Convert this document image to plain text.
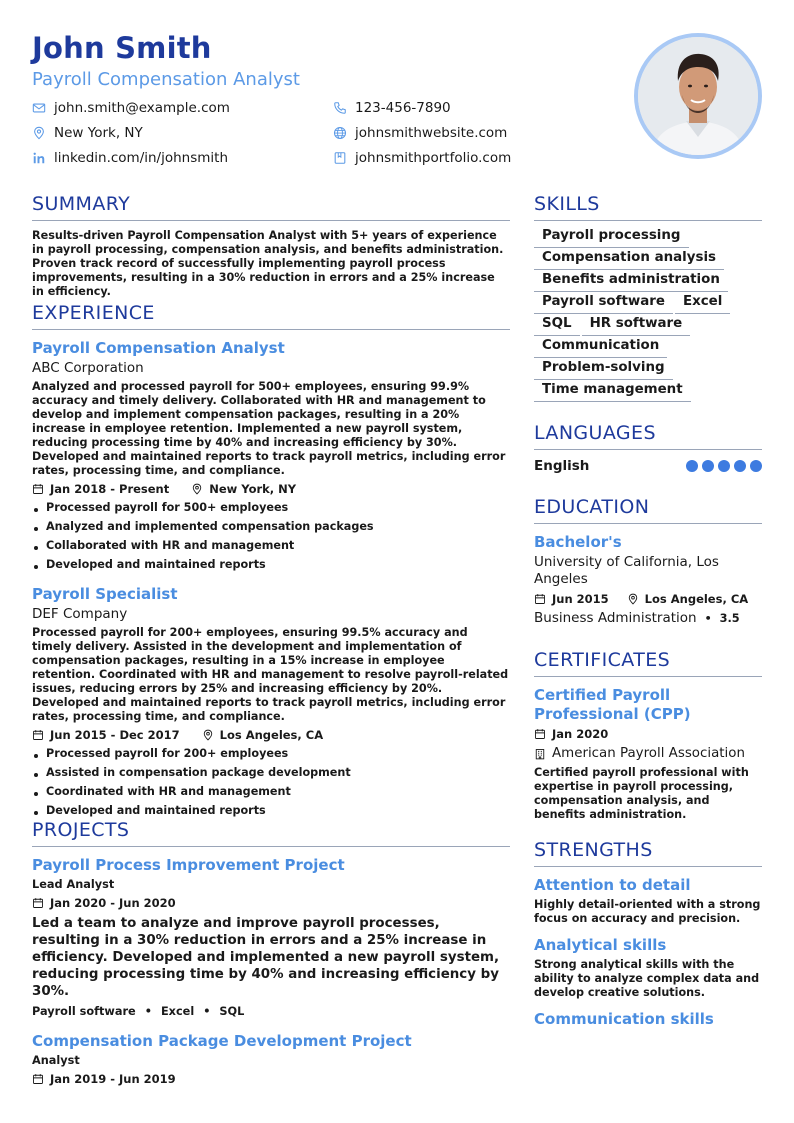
John Smith
Payroll Compensation Analyst
john.smith@example.com	123-456-7890
New York, NY	johnsmithwebsite.com
linkedin.com/in/johnsmith	johnsmithportfolio.com
SUMMARY
Results-driven Payroll Compensation Analyst with 5+ years of experience in payroll processing, compensation analysis, and benefits administration. Proven track record of successfully implementing payroll process improvements, resulting in a 30% reduction in errors and a 25% increase in efficiency.
EXPERIENCE
Payroll Compensation Analyst
ABC Corporation
Analyzed and processed payroll for 500+ employees, ensuring 99.9% accuracy and timely delivery. Collaborated with HR and management to develop and implement compensation packages, resulting in a 20% increase in employee retention. Implemented a new payroll system, reducing processing time by 40% and increasing efficiency by 30%. Developed and maintained reports to track payroll metrics, including error rates, processing time, and compliance.
Jan 2018 - Present	New York, NY
Processed payroll for 500+ employees
Analyzed and implemented compensation packages
Collaborated with HR and management
Developed and maintained reports
Payroll Specialist
DEF Company
Processed payroll for 200+ employees, ensuring 99.5% accuracy and timely delivery. Assisted in the development and implementation of compensation packages, resulting in a 15% increase in employee retention. Coordinated with HR and management to resolve payroll-related issues, reducing errors by 25% and increasing efficiency by 20%. Developed and maintained reports to track payroll metrics, including error rates, processing time, and compliance.
Jun 2015 - Dec 2017	Los Angeles, CA
Processed payroll for 200+ employees
Assisted in compensation package development
Coordinated with HR and management
Developed and maintained reports
PROJECTS
Payroll Process Improvement Project
Lead Analyst
Jan 2020 - Jun 2020
Led a team to analyze and improve payroll processes, resulting in a 30% reduction in errors and a 25% increase in efficiency. Developed and implemented a new payroll system, reducing processing time by 40% and increasing efficiency by 30%.
Payroll software • Excel • SQL
Compensation Package Development Project
Analyst
Jan 2019 - Jun 2019
SKILLS
Payroll processing
Compensation analysis
Benefits administration
Payroll software	Excel
SQL	HR software
Communication
Problem-solving
Time management
LANGUAGES
English
EDUCATION
Bachelor's
University of California, Los Angeles
Jun 2015	Los Angeles, CA
Business Administration • 3.5
CERTIFICATES
Certified Payroll Professional (CPP)
Jan 2020
American Payroll Association
Certified payroll professional with expertise in payroll processing, compensation analysis, and benefits administration.
STRENGTHS
Attention to detail
Highly detail-oriented with a strong focus on accuracy and precision.
Analytical skills
Strong analytical skills with the ability to analyze complex data and develop creative solutions.
Communication skills
